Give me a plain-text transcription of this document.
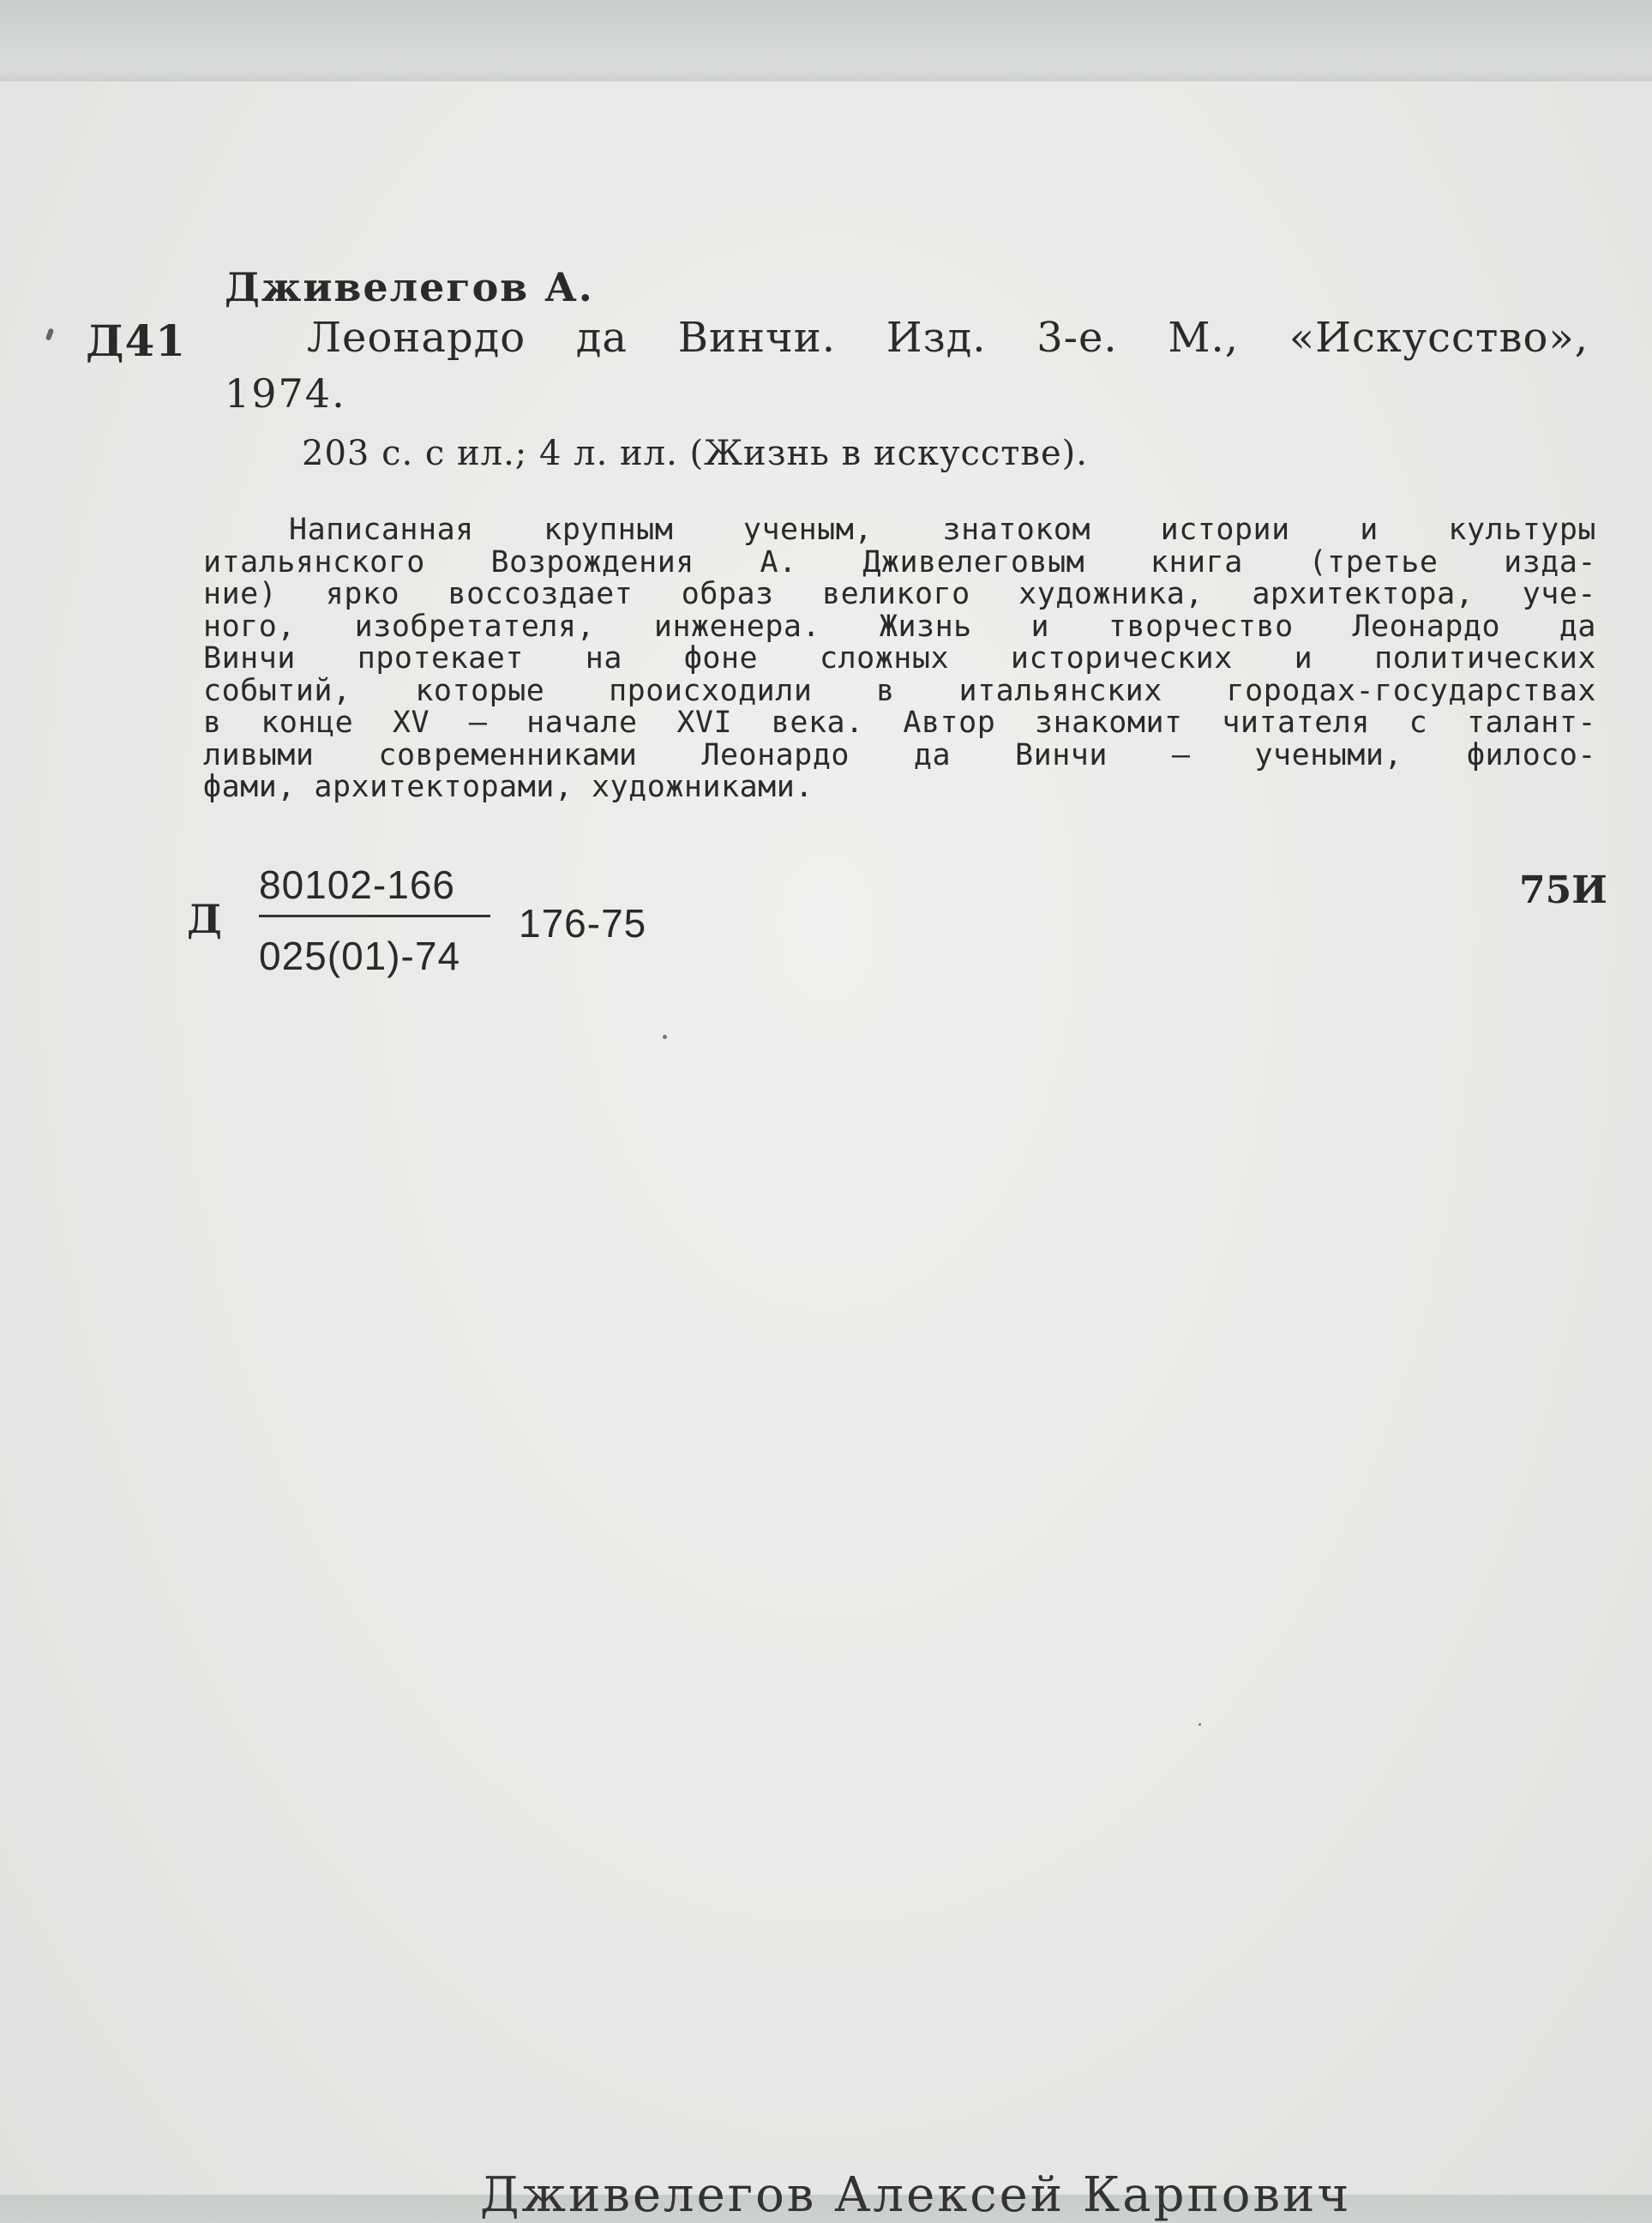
Д41
Дживелегов А.
Леонардо да Винчи. Изд. 3-е. М., «Искусство»,
1974.
203 с. с ил.; 4 л. ил. (Жизнь в искусстве).
Написанная крупным ученым, знатоком истории и культуры
итальянского Возрождения А. Дживелеговым книга (третье изда-
ние) ярко воссоздает образ великого художника, архитектора, уче-
ного, изобретателя, инженера. Жизнь и творчество Леонардо да
Винчи протекает на фоне сложных исторических и политических
событий, которые происходили в итальянских городах-государствах
в конце XV — начале XVI века. Автор знакомит читателя с талант-
ливыми современниками Леонардо да Винчи — учеными, филосо-
фами, архитекторами, художниками.
Д
80102-166
025(01)-74
176-75
75И
Дживелегов Алексей Карпович
